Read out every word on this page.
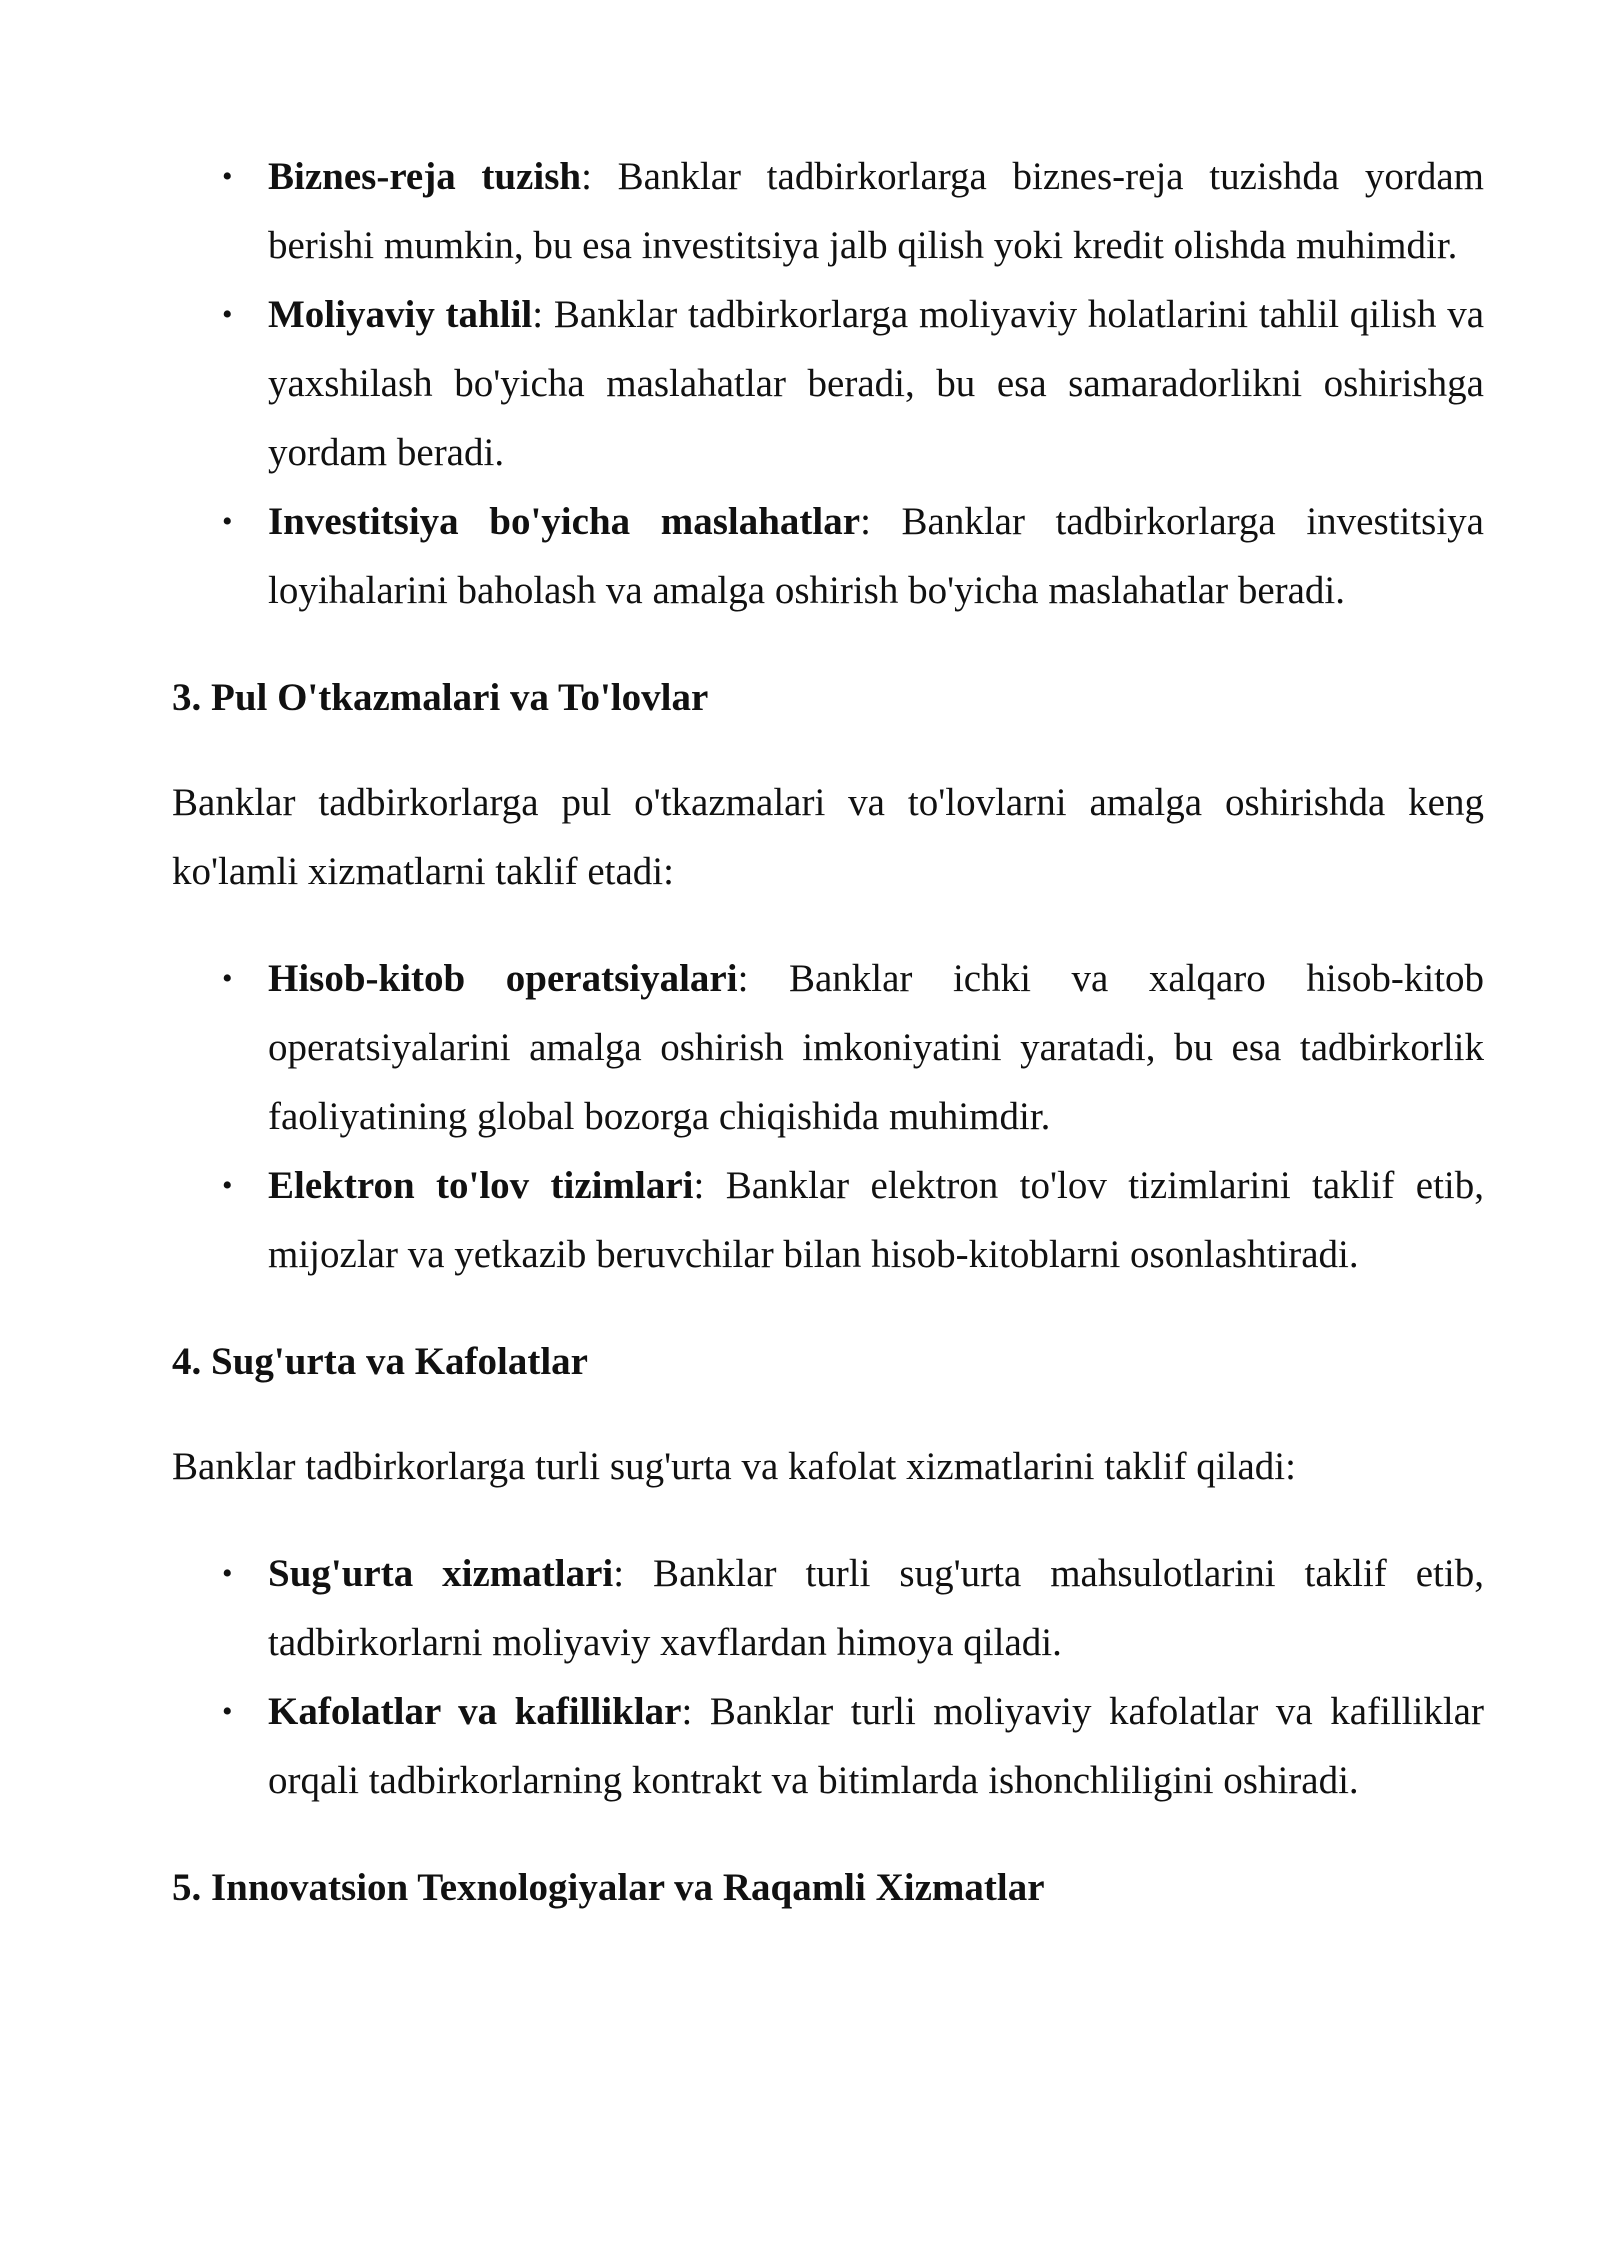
• Biznes-reja tuzish: Banklar tadbirkorlarga biznes-reja tuzishda yordam berishi mumkin, bu esa investitsiya jalb qilish yoki kredit olishda muhimdir.
• Moliyaviy tahlil: Banklar tadbirkorlarga moliyaviy holatlarini tahlil qilish va yaxshilash bo'yicha maslahatlar beradi, bu esa samaradorlikni oshirishga yordam beradi.
• Investitsiya bo'yicha maslahatlar: Banklar tadbirkorlarga investitsiya loyihalarini baholash va amalga oshirish bo'yicha maslahatlar beradi.
3. Pul O'tkazmalari va To'lovlar

Banklar tadbirkorlarga pul o'tkazmalari va to'lovlarni amalga oshirishda keng ko'lamli xizmatlarni taklif etadi:

• Hisob-kitob operatsiyalari: Banklar ichki va xalqaro hisob-kitob operatsiyalarini amalga oshirish imkoniyatini yaratadi, bu esa tadbirkorlik faoliyatining global bozorga chiqishida muhimdir.
• Elektron to'lov tizimlari: Banklar elektron to'lov tizimlarini taklif etib, mijozlar va yetkazib beruvchilar bilan hisob-kitoblarni osonlashtiradi.
4. Sug'urta va Kafolatlar

Banklar tadbirkorlarga turli sug'urta va kafolat xizmatlarini taklif qiladi:

• Sug'urta xizmatlari: Banklar turli sug'urta mahsulotlarini taklif etib, tadbirkorlarni moliyaviy xavflardan himoya qiladi.
• Kafolatlar va kafilliklar: Banklar turli moliyaviy kafolatlar va kafilliklar orqali tadbirkorlarning kontrakt va bitimlarda ishonchliligini oshiradi.
5. Innovatsion Texnologiyalar va Raqamli Xizmatlar
